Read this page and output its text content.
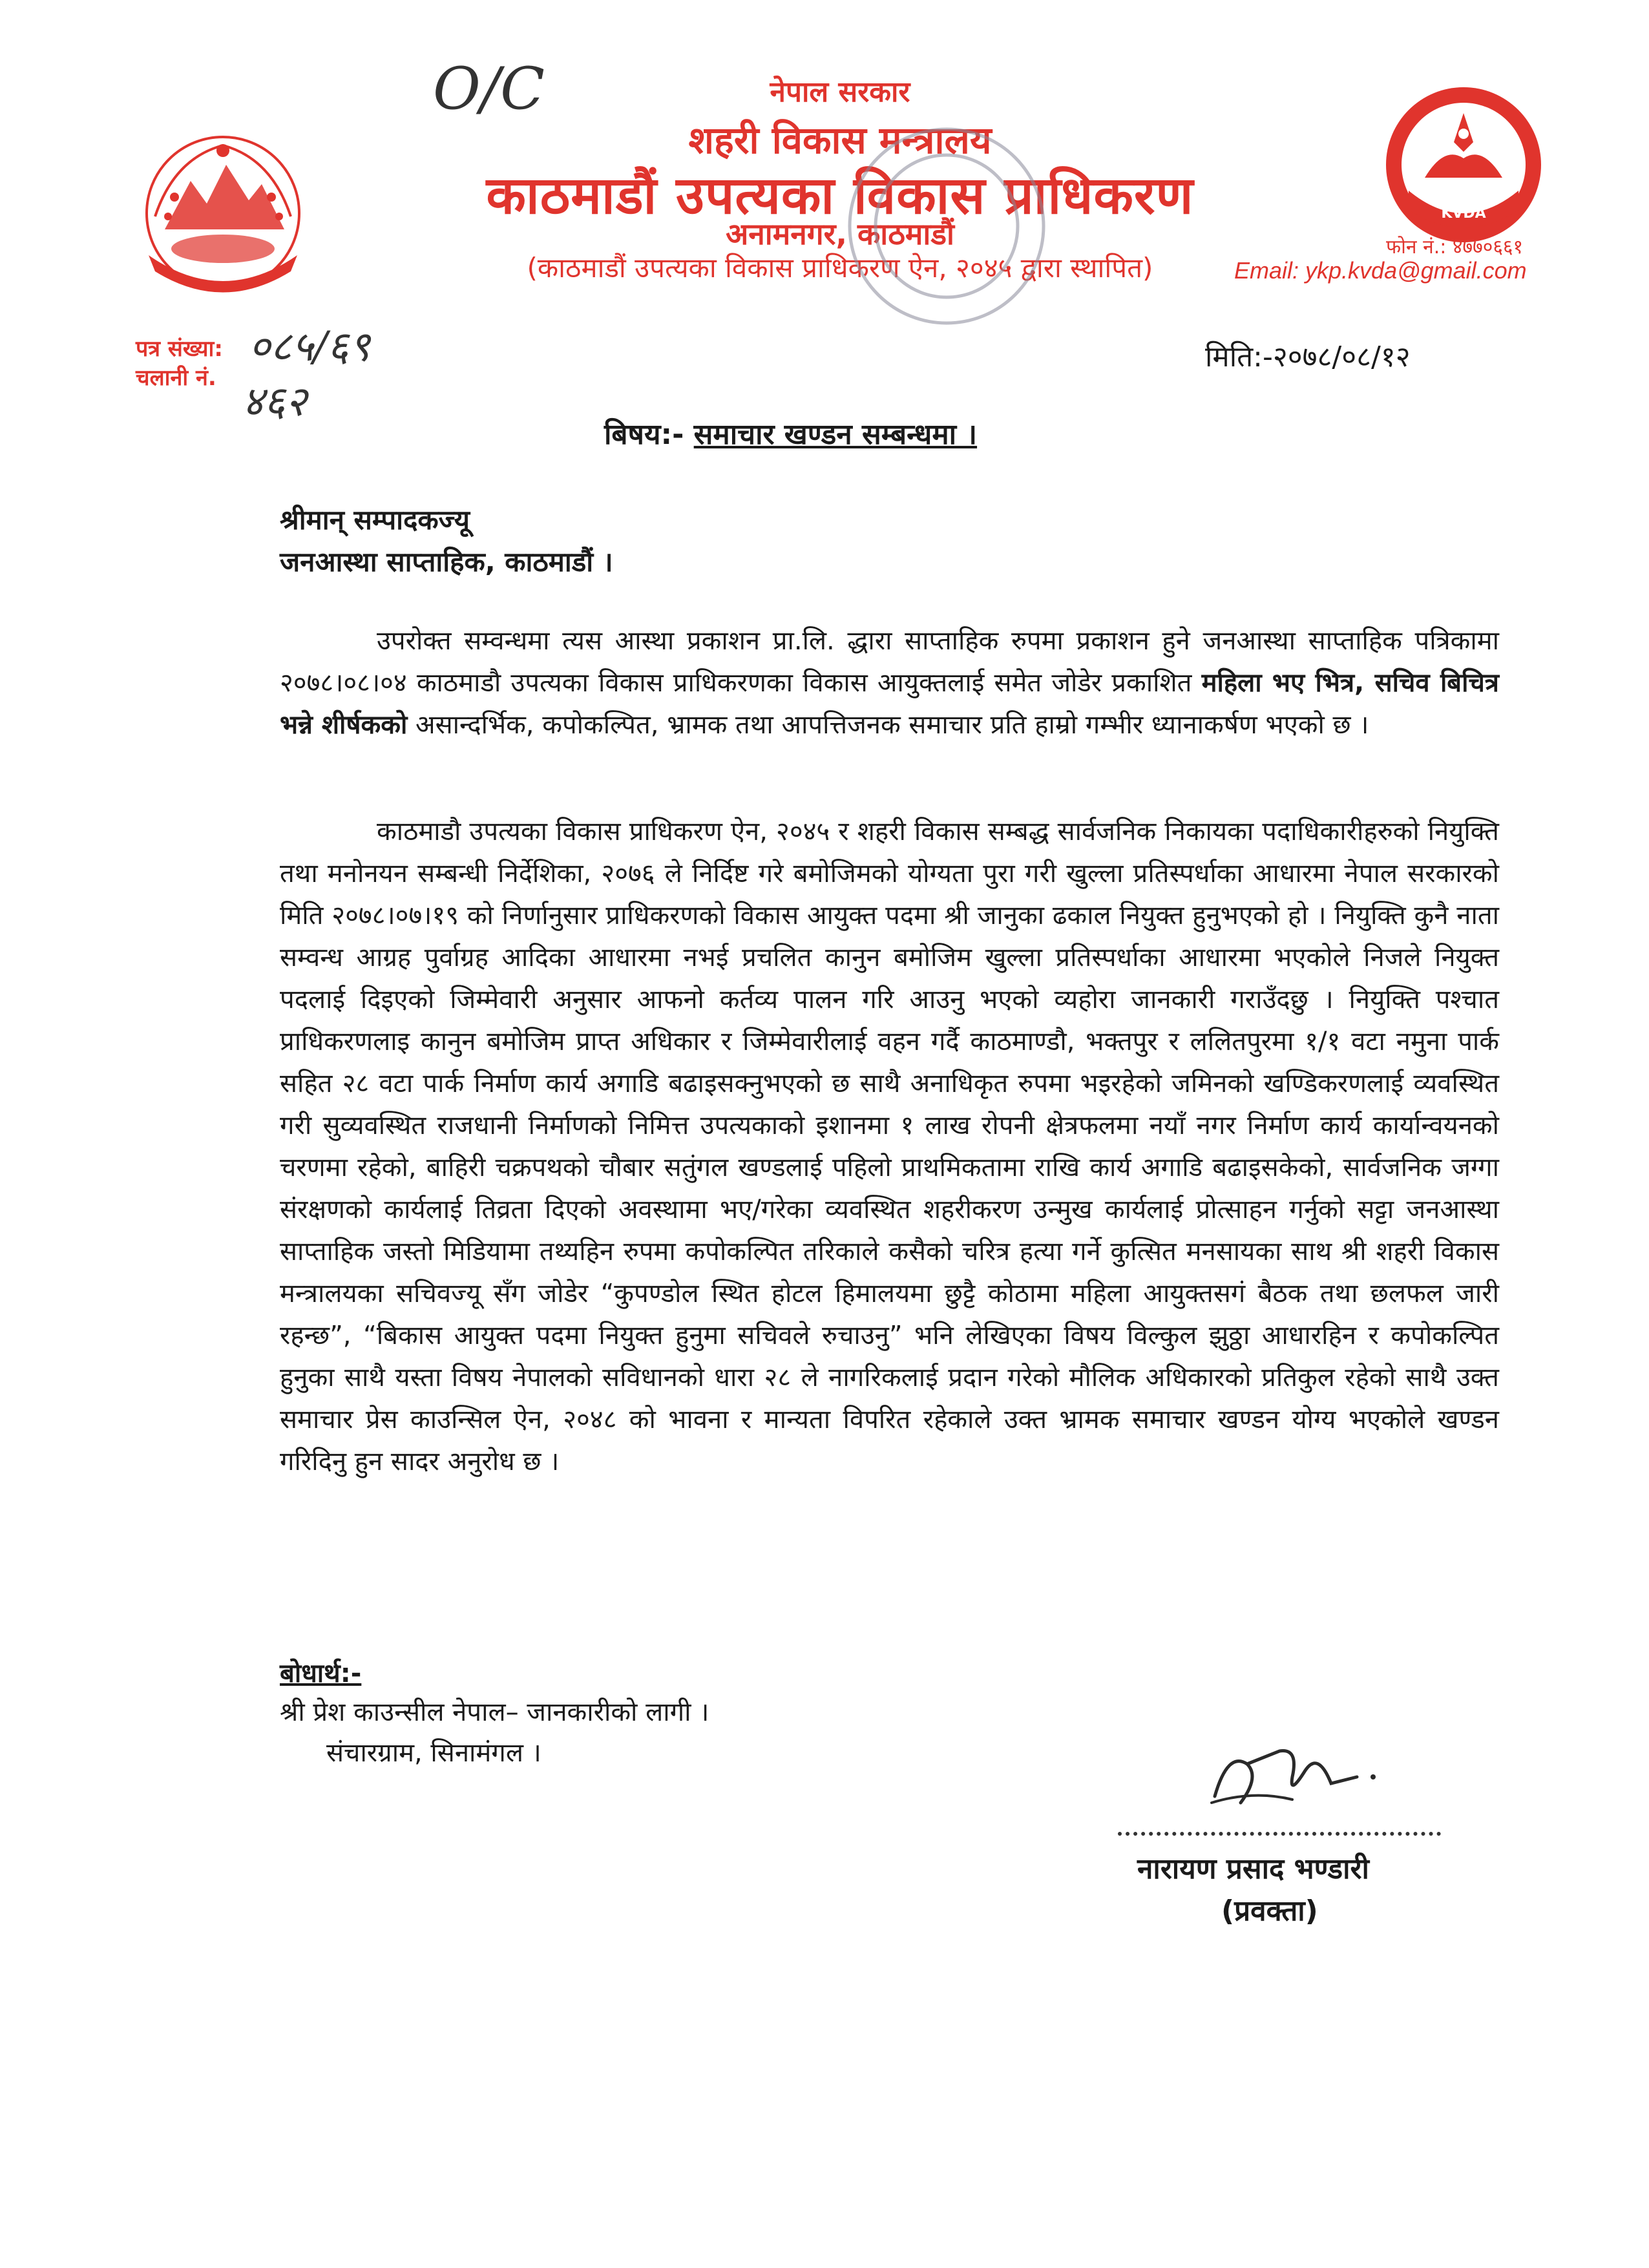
O/C	नेपाल सरकार
शहरी विकास मन्त्रालय
काठमाडौं उपत्यका विकास प्राधिकरण
अनामनगर, काठमाडौं
(काठमाडौं उपत्यका विकास प्राधिकरण ऐन, २०४५ द्वारा स्थापित)
KVDA
फोन नं.: ४७७०६६१
Email: ykp.kvda@gmail.com
पत्र संख्या:
चलानी नं.
०८५/६९
४६२
मिति:-२०७८/०८/१२
बिषय:- समाचार खण्डन सम्बन्धमा ।
श्रीमान् सम्पादकज्यू
जनआस्था साप्ताहिक, काठमाडौं ।

उपरोक्त सम्वन्धमा त्यस आस्था प्रकाशन प्रा.लि. द्धारा साप्ताहिक रुपमा प्रकाशन हुने जनआस्था साप्ताहिक पत्रिकामा २०७८।०८।०४ काठमाडौ उपत्यका विकास प्राधिकरणका विकास आयुक्तलाई समेत जोडेर प्रकाशित महिला भए भित्र, सचिव बिचित्र भन्ने शीर्षकको असान्दर्भिक, कपोकल्पित, भ्रामक तथा आपत्तिजनक समाचार प्रति हाम्रो गम्भीर ध्यानाकर्षण भएको छ ।

काठमाडौ उपत्यका विकास प्राधिकरण ऐन, २०४५ र शहरी विकास सम्बद्ध सार्वजनिक निकायका पदाधिकारीहरुको नियुक्ति तथा मनोनयन सम्बन्धी निर्देशिका, २०७६ ले निर्दिष्ट गरे बमोजिमको योग्यता पुरा गरी खुल्ला प्रतिस्पर्धाका आधारमा नेपाल सरकारको मिति २०७८।०७।१९ को निर्णानुसार प्राधिकरणको विकास आयुक्त पदमा श्री जानुका ढकाल नियुक्त हुनुभएको हो । नियुक्ति कुनै नाता सम्वन्ध आग्रह पुर्वाग्रह आदिका आधारमा नभई प्रचलित कानुन बमोजिम खुल्ला प्रतिस्पर्धाका आधारमा भएकोले निजले नियुक्त पदलाई दिइएको जिम्मेवारी अनुसार आफनो कर्तव्य पालन गरि आउनु भएको व्यहोरा जानकारी गराउँदछु । नियुक्ति पश्चात प्राधिकरणलाइ कानुन बमोजिम प्राप्त अधिकार र जिम्मेवारीलाई वहन गर्दै काठमाण्डौ, भक्तपुर र ललितपुरमा १/१ वटा नमुना पार्क सहित २८ वटा पार्क निर्माण कार्य अगाडि बढाइसक्नुभएको छ साथै अनाधिकृत रुपमा भइरहेको जमिनको खण्डिकरणलाई व्यवस्थित गरी सुव्यवस्थित राजधानी निर्माणको निमित्त उपत्यकाको इशानमा १ लाख रोपनी क्षेत्रफलमा नयाँ नगर निर्माण कार्य कार्यान्वयनको चरणमा रहेको, बाहिरी चक्रपथको चौबार सतुंगल खण्डलाई पहिलो प्राथमिकतामा राखि कार्य अगाडि बढाइसकेको, सार्वजनिक जग्गा संरक्षणको कार्यलाई तिव्रता दिएको अवस्थामा भए/गरेका व्यवस्थित शहरीकरण उन्मुख कार्यलाई प्रोत्साहन गर्नुको सट्टा जनआस्था साप्ताहिक जस्तो मिडियामा तथ्यहिन रुपमा कपोकल्पित तरिकाले कसैको चरित्र हत्या गर्ने कुत्सित मनसायका साथ श्री शहरी विकास मन्त्रालयका सचिवज्यू सँग जोडेर “कुपण्डोल स्थित होटल हिमालयमा छुट्टै कोठामा महिला आयुक्तसगं बैठक तथा छलफल जारी रहन्छ”, “बिकास आयुक्त पदमा नियुक्त हुनुमा सचिवले रुचाउनु” भनि लेखिएका विषय विल्कुल झुठ्ठा आधारहिन र कपोकल्पित हुनुका साथै यस्ता विषय नेपालको सविधानको धारा २८ ले नागरिकलाई प्रदान गरेको मौलिक अधिकारको प्रतिकुल रहेको साथै उक्त समाचार प्रेस काउन्सिल ऐन, २०४८ को भावना र मान्यता विपरित रहेकाले उक्त भ्रामक समाचार खण्डन योग्य भएकोले खण्डन गरिदिनु हुन सादर अनुरोध छ ।

बोधार्थ:-
श्री प्रेश काउन्सील नेपाल– जानकारीको लागी ।
संचारग्राम, सिनामंगल ।
नारायण प्रसाद भण्डारी
(प्रवक्ता)
